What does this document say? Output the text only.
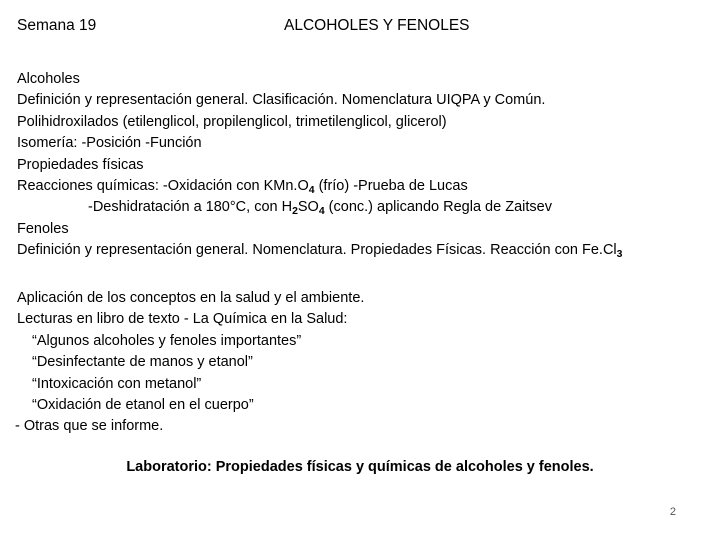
Semana 19	ALCOHOLES Y FENOLES
Alcoholes
Definición y representación general. Clasificación. Nomenclatura UIQPA y Común.
Polihidroxilados (etilenglicol, propilenglicol, trimetilenglicol, glicerol)
Isomería: -Posición -Función
Propiedades físicas
Reacciones químicas: -Oxidación con $KMn.O_4$ (frío) -Prueba de Lucas
-Deshidratación a 180°C, con $H_2SO_4$ (conc.) aplicando Regla de Zaitsev
Fenoles
Definición y representación general. Nomenclatura. Propiedades Físicas. Reacción con $Fe.Cl_3$
Aplicación de los conceptos en la salud y el ambiente.
Lecturas en libro de texto - La Química en la Salud:
“Algunos alcoholes y fenoles importantes”
“Desinfectante de manos y etanol”
“Intoxicación con metanol”
“Oxidación de etanol en el cuerpo”
- Otras que se informe.
Laboratorio: Propiedades físicas y químicas de alcoholes y fenoles.
2
